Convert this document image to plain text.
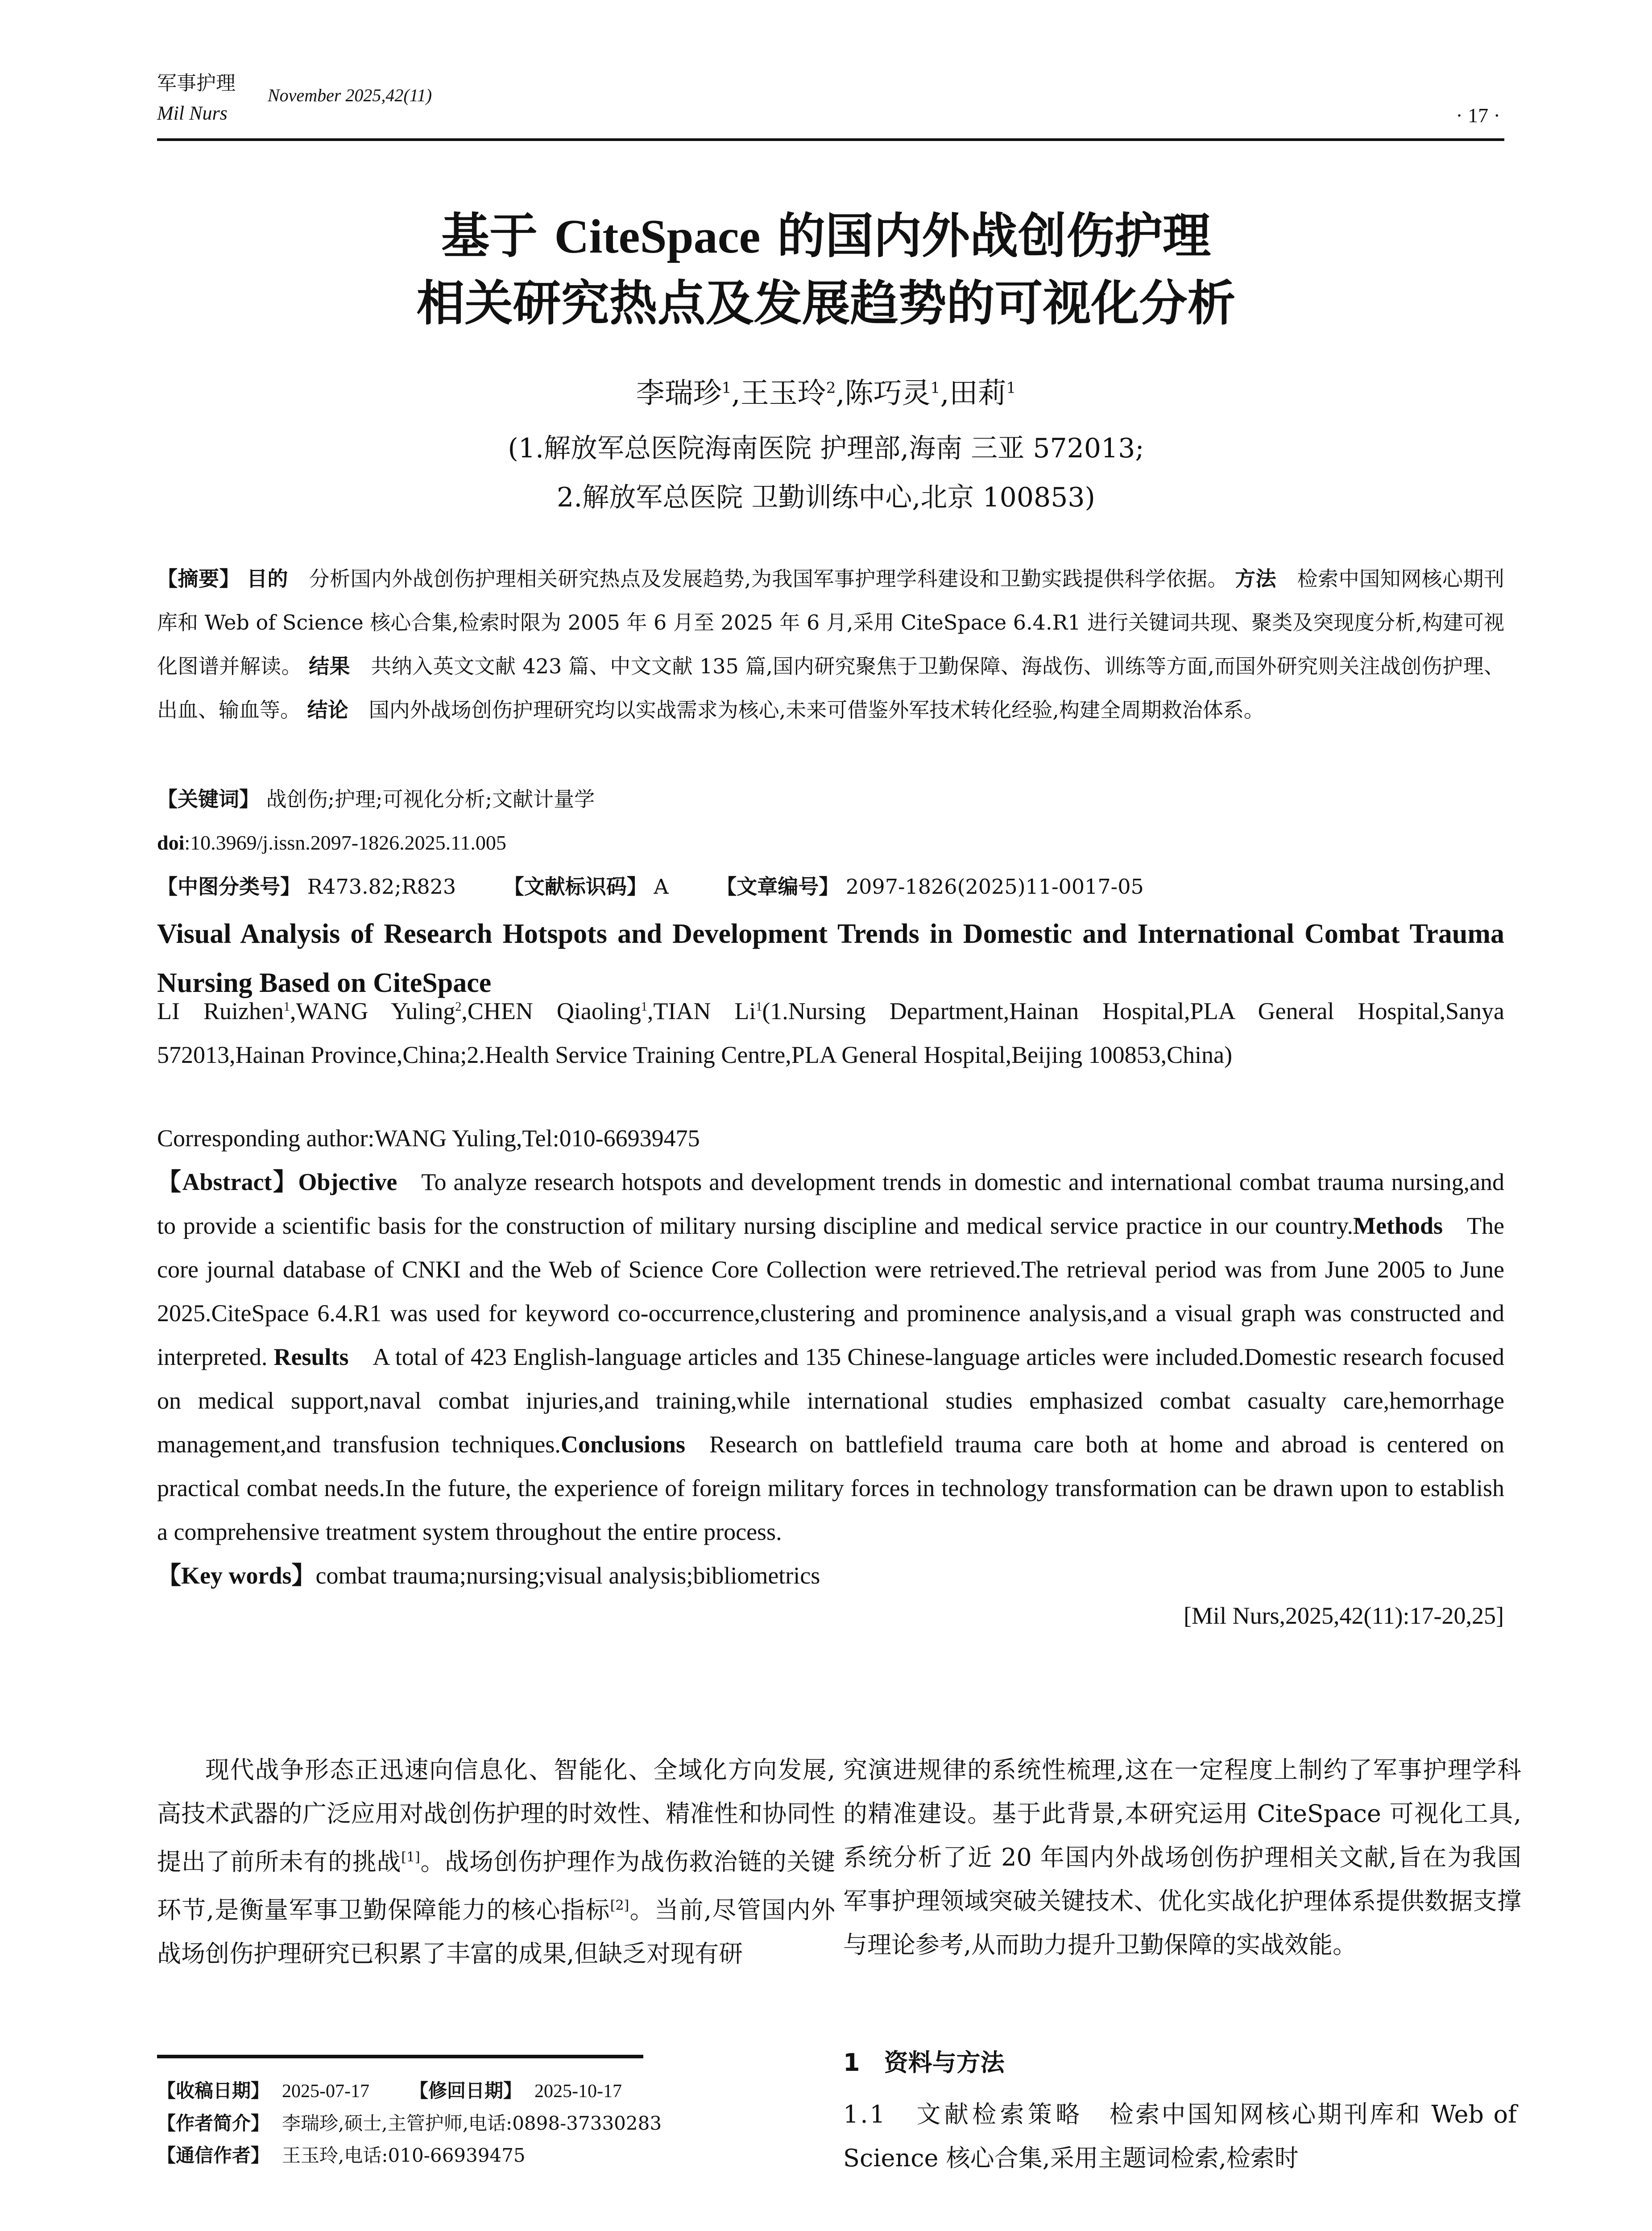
军事护理
Mil Nurs
November 2025,42(11)
· 17 ·
基于 CiteSpace 的国内外战创伤护理
相关研究热点及发展趋势的可视化分析
李瑞珍$^1$,王玉玲$^2$,陈巧灵$^1$,田莉$^1$
(1.解放军总医院海南医院 护理部,海南 三亚 572013;
2.解放军总医院 卫勤训练中心,北京 100853)
【摘要】 目的  分析国内外战创伤护理相关研究热点及发展趋势,为我国军事护理学科建设和卫勤实践提供科学依据。 方法  检索中国知网核心期刊库和 Web of Science 核心合集,检索时限为 2005 年 6 月至 2025 年 6 月,采用 CiteSpace 6.4.R1 进行关键词共现、聚类及突现度分析,构建可视化图谱并解读。 结果  共纳入英文文献 423 篇、中文文献 135 篇,国内研究聚焦于卫勤保障、海战伤、训练等方面,而国外研究则关注战创伤护理、出血、输血等。 结论  国内外战场创伤护理研究均以实战需求为核心,未来可借鉴外军技术转化经验,构建全周期救治体系。
【关键词】 战创伤;护理;可视化分析;文献计量学
doi:10.3969/j.issn.2097-1826.2025.11.005
【中图分类号】 R473.82;R823   【文献标识码】 A   【文章编号】 2097-1826(2025)11-0017-05
Visual Analysis of Research Hotspots and Development Trends in Domestic and International Combat Trauma Nursing Based on CiteSpace
LI Ruizhen$^1$,WANG Yuling$^2$,CHEN Qiaoling$^1$,TIAN Li$^1$(1.Nursing Department,Hainan Hospital,PLA General Hospital,Sanya 572013,Hainan Province,China;2.Health Service Training Centre,PLA General Hospital,Beijing 100853,China)
Corresponding author:WANG Yuling,Tel:010-66939475
【Abstract】Objective  To analyze research hotspots and development trends in domestic and international combat trauma nursing,and to provide a scientific basis for the construction of military nursing discipline and medical service practice in our country.Methods  The core journal database of CNKI and the Web of Science Core Collection were retrieved.The retrieval period was from June 2005 to June 2025.CiteSpace 6.4.R1 was used for keyword co-occurrence,clustering and prominence analysis,and a visual graph was constructed and interpreted. Results  A total of 423 English-language articles and 135 Chinese-language articles were included.Domestic research focused on medical support,naval combat injuries,and training,while international studies emphasized combat casualty care,hemorrhage management,and transfusion techniques.Conclusions  Research on battlefield trauma care both at home and abroad is centered on practical combat needs.In the future, the experience of foreign military forces in technology transformation can be drawn upon to establish a comprehensive treatment system throughout the entire process.
【Key words】combat trauma;nursing;visual analysis;bibliometrics
[Mil Nurs,2025,42(11):17-20,25]

现代战争形态正迅速向信息化、智能化、全域化方向发展,高技术武器的广泛应用对战创伤护理的时效性、精准性和协同性提出了前所未有的挑战[1]。战场创伤护理作为战伤救治链的关键环节,是衡量军事卫勤保障能力的核心指标[2]。当前,尽管国内外战场创伤护理研究已积累了丰富的成果,但缺乏对现有研

【收稿日期】 2025-07-17 【修回日期】 2025-10-17
【作者简介】 李瑞珍,硕士,主管护师,电话:0898-37330283
【通信作者】 王玉玲,电话:010-66939475

究演进规律的系统性梳理,这在一定程度上制约了军事护理学科的精准建设。基于此背景,本研究运用 CiteSpace 可视化工具,系统分析了近 20 年国内外战场创伤护理相关文献,旨在为我国军事护理领域突破关键技术、优化实战化护理体系提供数据支撑与理论参考,从而助力提升卫勤保障的实战效能。

1　资料与方法
1.1　文献检索策略  检索中国知网核心期刊库和 Web of Science 核心合集,采用主题词检索,检索时
